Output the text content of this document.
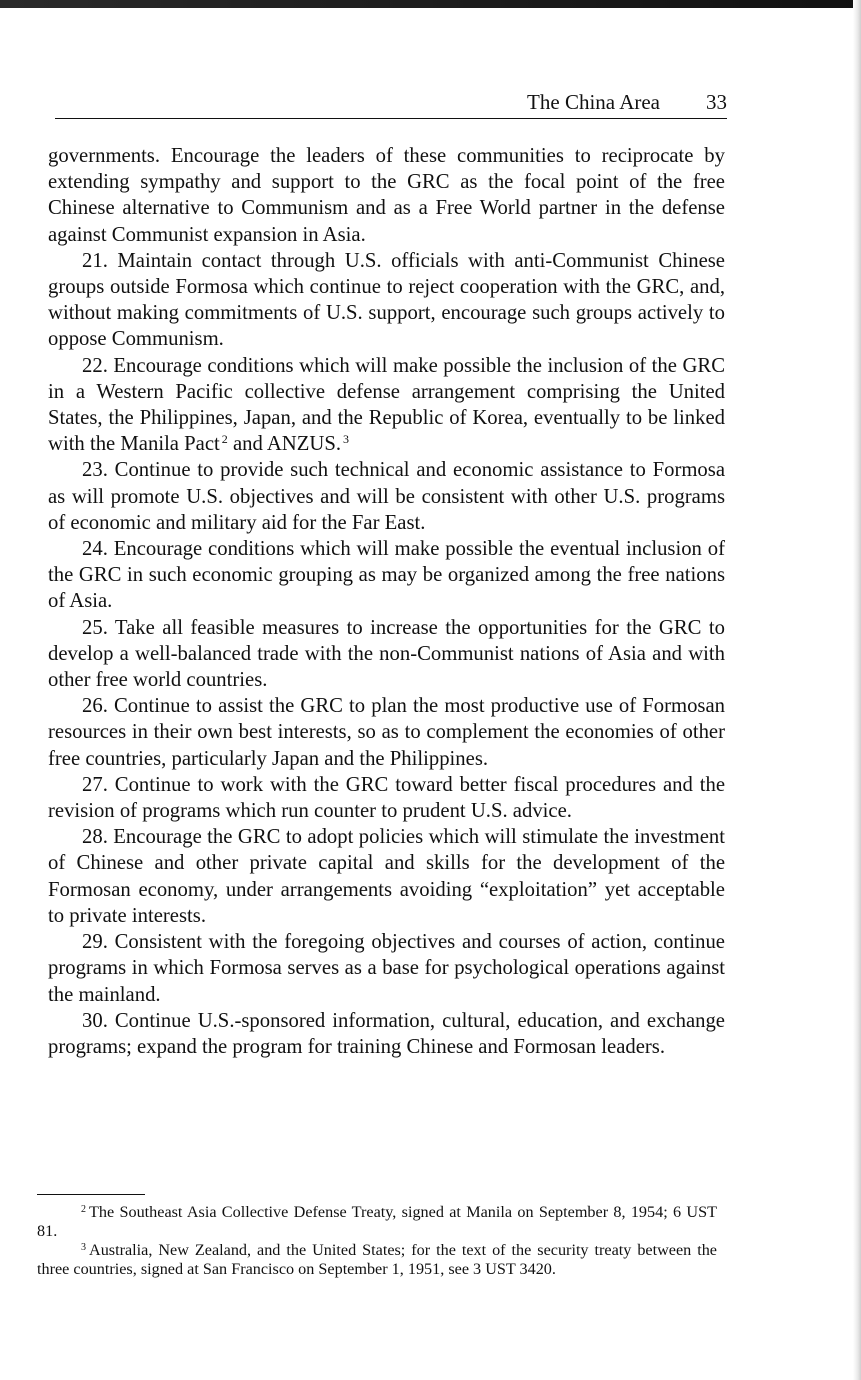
The China Area 33

governments. Encourage the leaders of these communities to reciprocate by extending sympathy and support to the GRC as the focal point of the free Chinese alternative to Communism and as a Free World partner in the defense against Communist expansion in Asia.

21. Maintain contact through U.S. officials with anti-Communist Chinese groups outside Formosa which continue to reject cooperation with the GRC, and, without making commitments of U.S. support, encourage such groups actively to oppose Communism.

22. Encourage conditions which will make possible the inclusion of the GRC in a Western Pacific collective defense arrangement comprising the United States, the Philippines, Japan, and the Republic of Korea, eventually to be linked with the Manila Pact $^2$ and ANZUS. $^3$

23. Continue to provide such technical and economic assistance to Formosa as will promote U.S. objectives and will be consistent with other U.S. programs of economic and military aid for the Far East.

24. Encourage conditions which will make possible the eventual inclusion of the GRC in such economic grouping as may be organized among the free nations of Asia.

25. Take all feasible measures to increase the opportunities for the GRC to develop a well-balanced trade with the non-Communist nations of Asia and with other free world countries.

26. Continue to assist the GRC to plan the most productive use of Formosan resources in their own best interests, so as to complement the economies of other free countries, particularly Japan and the Philippines.

27. Continue to work with the GRC toward better fiscal procedures and the revision of programs which run counter to prudent U.S. advice.

28. Encourage the GRC to adopt policies which will stimulate the investment of Chinese and other private capital and skills for the development of the Formosan economy, under arrangements avoiding “exploitation” yet acceptable to private interests.

29. Consistent with the foregoing objectives and courses of action, continue programs in which Formosa serves as a base for psychological operations against the mainland.

30. Continue U.S.-sponsored information, cultural, education, and exchange programs; expand the program for training Chinese and Formosan leaders.

$^2$ The Southeast Asia Collective Defense Treaty, signed at Manila on September 8, 1954; 6 UST 81.

$^3$ Australia, New Zealand, and the United States; for the text of the security treaty between the three countries, signed at San Francisco on September 1, 1951, see 3 UST 3420.
